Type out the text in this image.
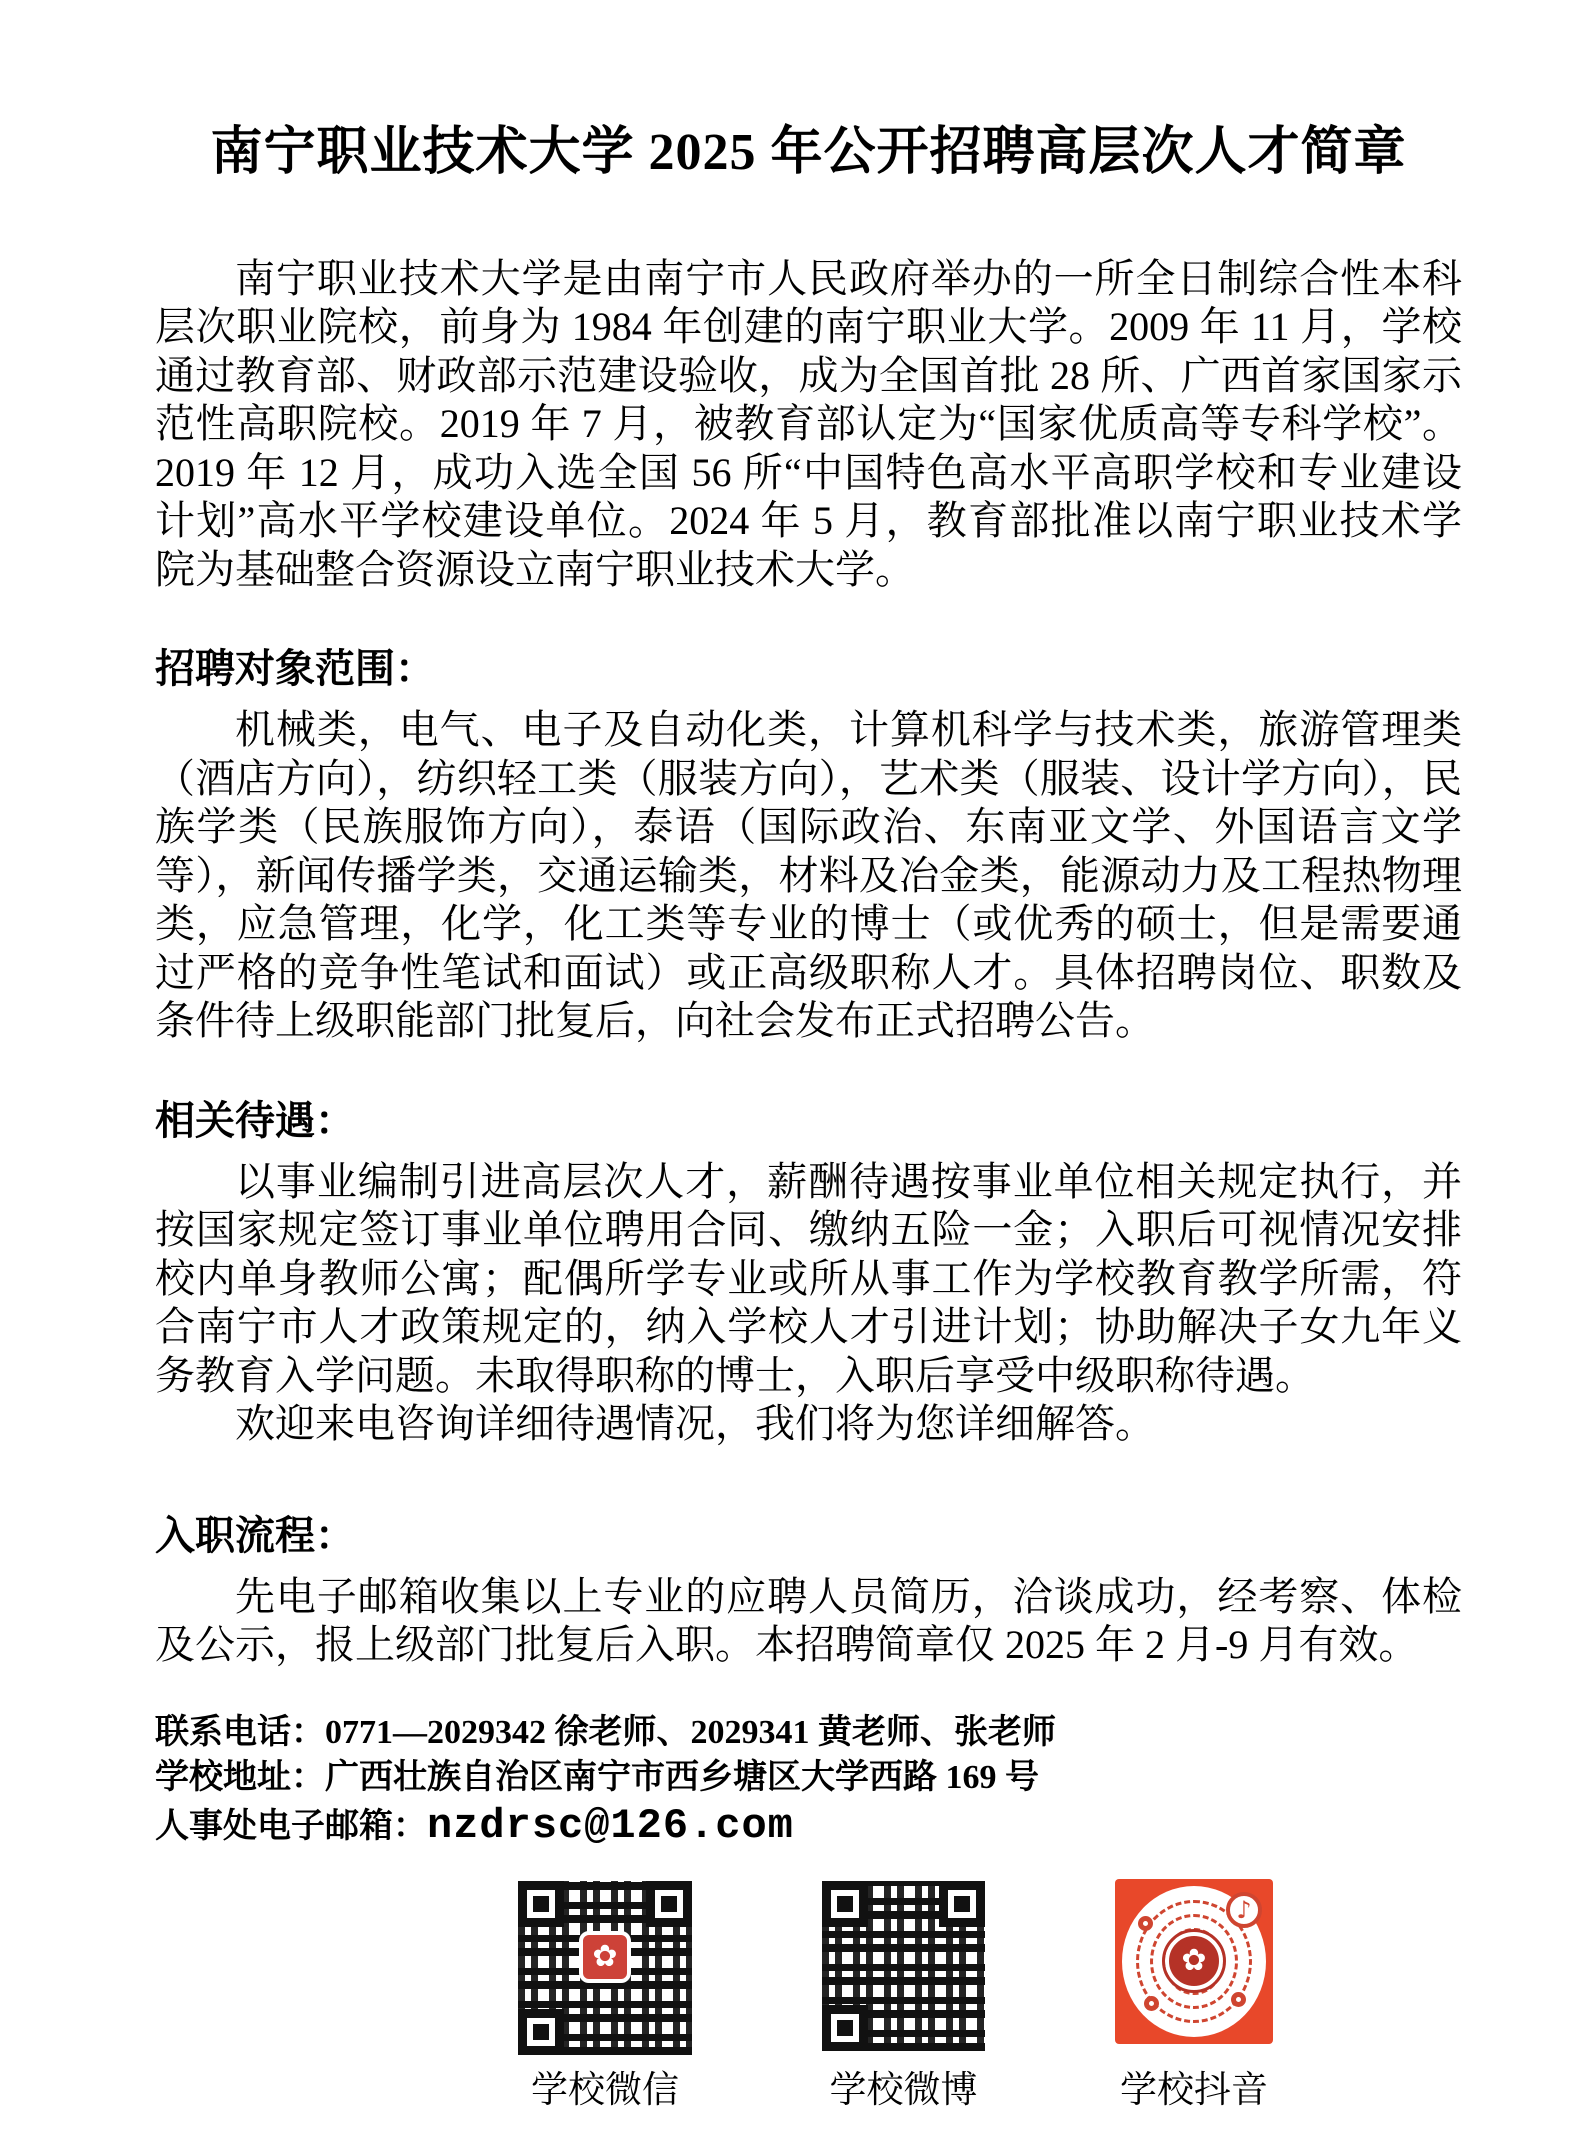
南宁职业技术大学 2025 年公开招聘高层次人才简章

南宁职业技术大学是由南宁市人民政府举办的一所全日制综合性本科层次职业院校，前身为 1984 年创建的南宁职业大学。2009 年 11 月，学校通过教育部、财政部示范建设验收，成为全国首批 28 所、广西首家国家示范性高职院校。2019 年 7 月，被教育部认定为“国家优质高等专科学校”。2019 年 12 月，成功入选全国 56 所“中国特色高水平高职学校和专业建设计划”高水平学校建设单位。2024 年 5 月，教育部批准以南宁职业技术学院为基础整合资源设立南宁职业技术大学。

招聘对象范围：

机械类，电气、电子及自动化类，计算机科学与技术类，旅游管理类（酒店方向），纺织轻工类（服装方向），艺术类（服装、设计学方向），民族学类（民族服饰方向），泰语（国际政治、东南亚文学、外国语言文学等），新闻传播学类，交通运输类，材料及冶金类，能源动力及工程热物理类，应急管理，化学，化工类等专业的博士（或优秀的硕士，但是需要通过严格的竞争性笔试和面试）或正高级职称人才。具体招聘岗位、职数及条件待上级职能部门批复后，向社会发布正式招聘公告。

相关待遇：

以事业编制引进高层次人才，薪酬待遇按事业单位相关规定执行，并按国家规定签订事业单位聘用合同、缴纳五险一金；入职后可视情况安排校内单身教师公寓；配偶所学专业或所从事工作为学校教育教学所需，符合南宁市人才政策规定的，纳入学校人才引进计划；协助解决子女九年义务教育入学问题。未取得职称的博士，入职后享受中级职称待遇。

欢迎来电咨询详细待遇情况，我们将为您详细解答。

入职流程：

先电子邮箱收集以上专业的应聘人员简历，洽谈成功，经考察、体检及公示，报上级部门批复后入职。本招聘简章仅 2025 年 2 月-9 月有效。

联系电话：0771—2029342 徐老师、2029341 黄老师、张老师
学校地址：广西壮族自治区南宁市西乡塘区大学西路 169 号
人事处电子邮箱：nzdrsc@126.com
✿
学校微信	学校微博
♪
✿
学校抖音
